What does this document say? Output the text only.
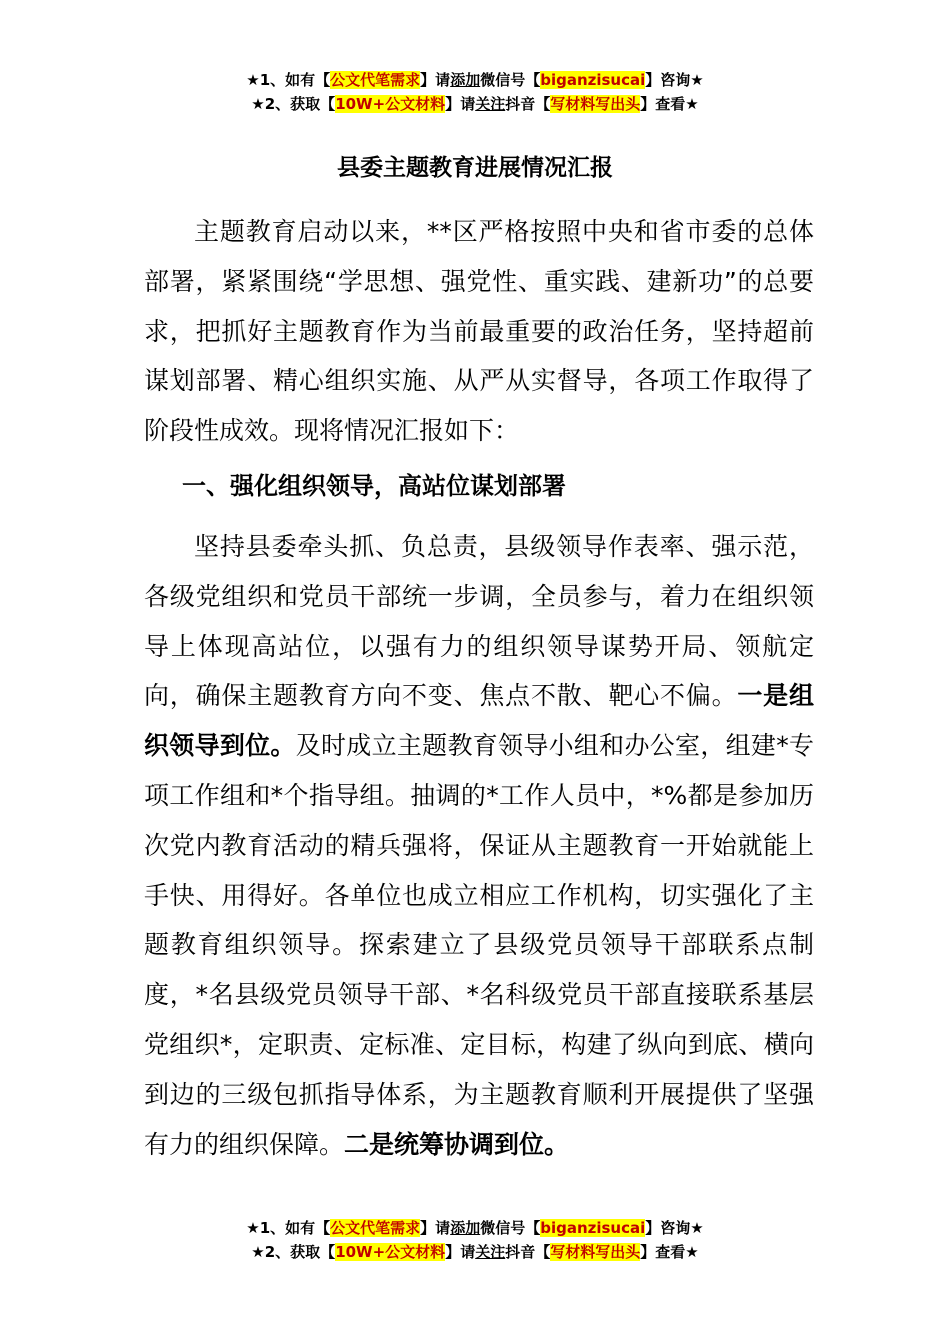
★1、如有【公文代笔需求】请添加微信号【biganzisucai】咨询★
★2、获取【10W+公文材料】请关注抖音【写材料写出头】查看★
县委主题教育进展情况汇报

主题教育启动以来，**区严格按照中央和省市委的总体部署，紧紧围绕“学思想、强党性、重实践、建新功”的总要求，把抓好主题教育作为当前最重要的政治任务，坚持超前谋划部署、精心组织实施、从严从实督导，各项工作取得了阶段性成效。现将情况汇报如下：

一、强化组织领导，高站位谋划部署

坚持县委牵头抓、负总责，县级领导作表率、强示范，各级党组织和党员干部统一步调，全员参与，着力在组织领导上体现高站位，以强有力的组织领导谋势开局、领航定向，确保主题教育方向不变、焦点不散、靶心不偏。一是组织领导到位。及时成立主题教育领导小组和办公室，组建*专项工作组和*个指导组。抽调的*工作人员中，*%都是参加历次党内教育活动的精兵强将，保证从主题教育一开始就能上手快、用得好。各单位也成立相应工作机构，切实强化了主题教育组织领导。探索建立了县级党员领导干部联系点制度，*名县级党员领导干部、*名科级党员干部直接联系基层党组织*，定职责、定标准、定目标，构建了纵向到底、横向到边的三级包抓指导体系，为主题教育顺利开展提供了坚强有力的组织保障。二是统筹协调到位。

★1、如有【公文代笔需求】请添加微信号【biganzisucai】咨询★
★2、获取【10W+公文材料】请关注抖音【写材料写出头】查看★
